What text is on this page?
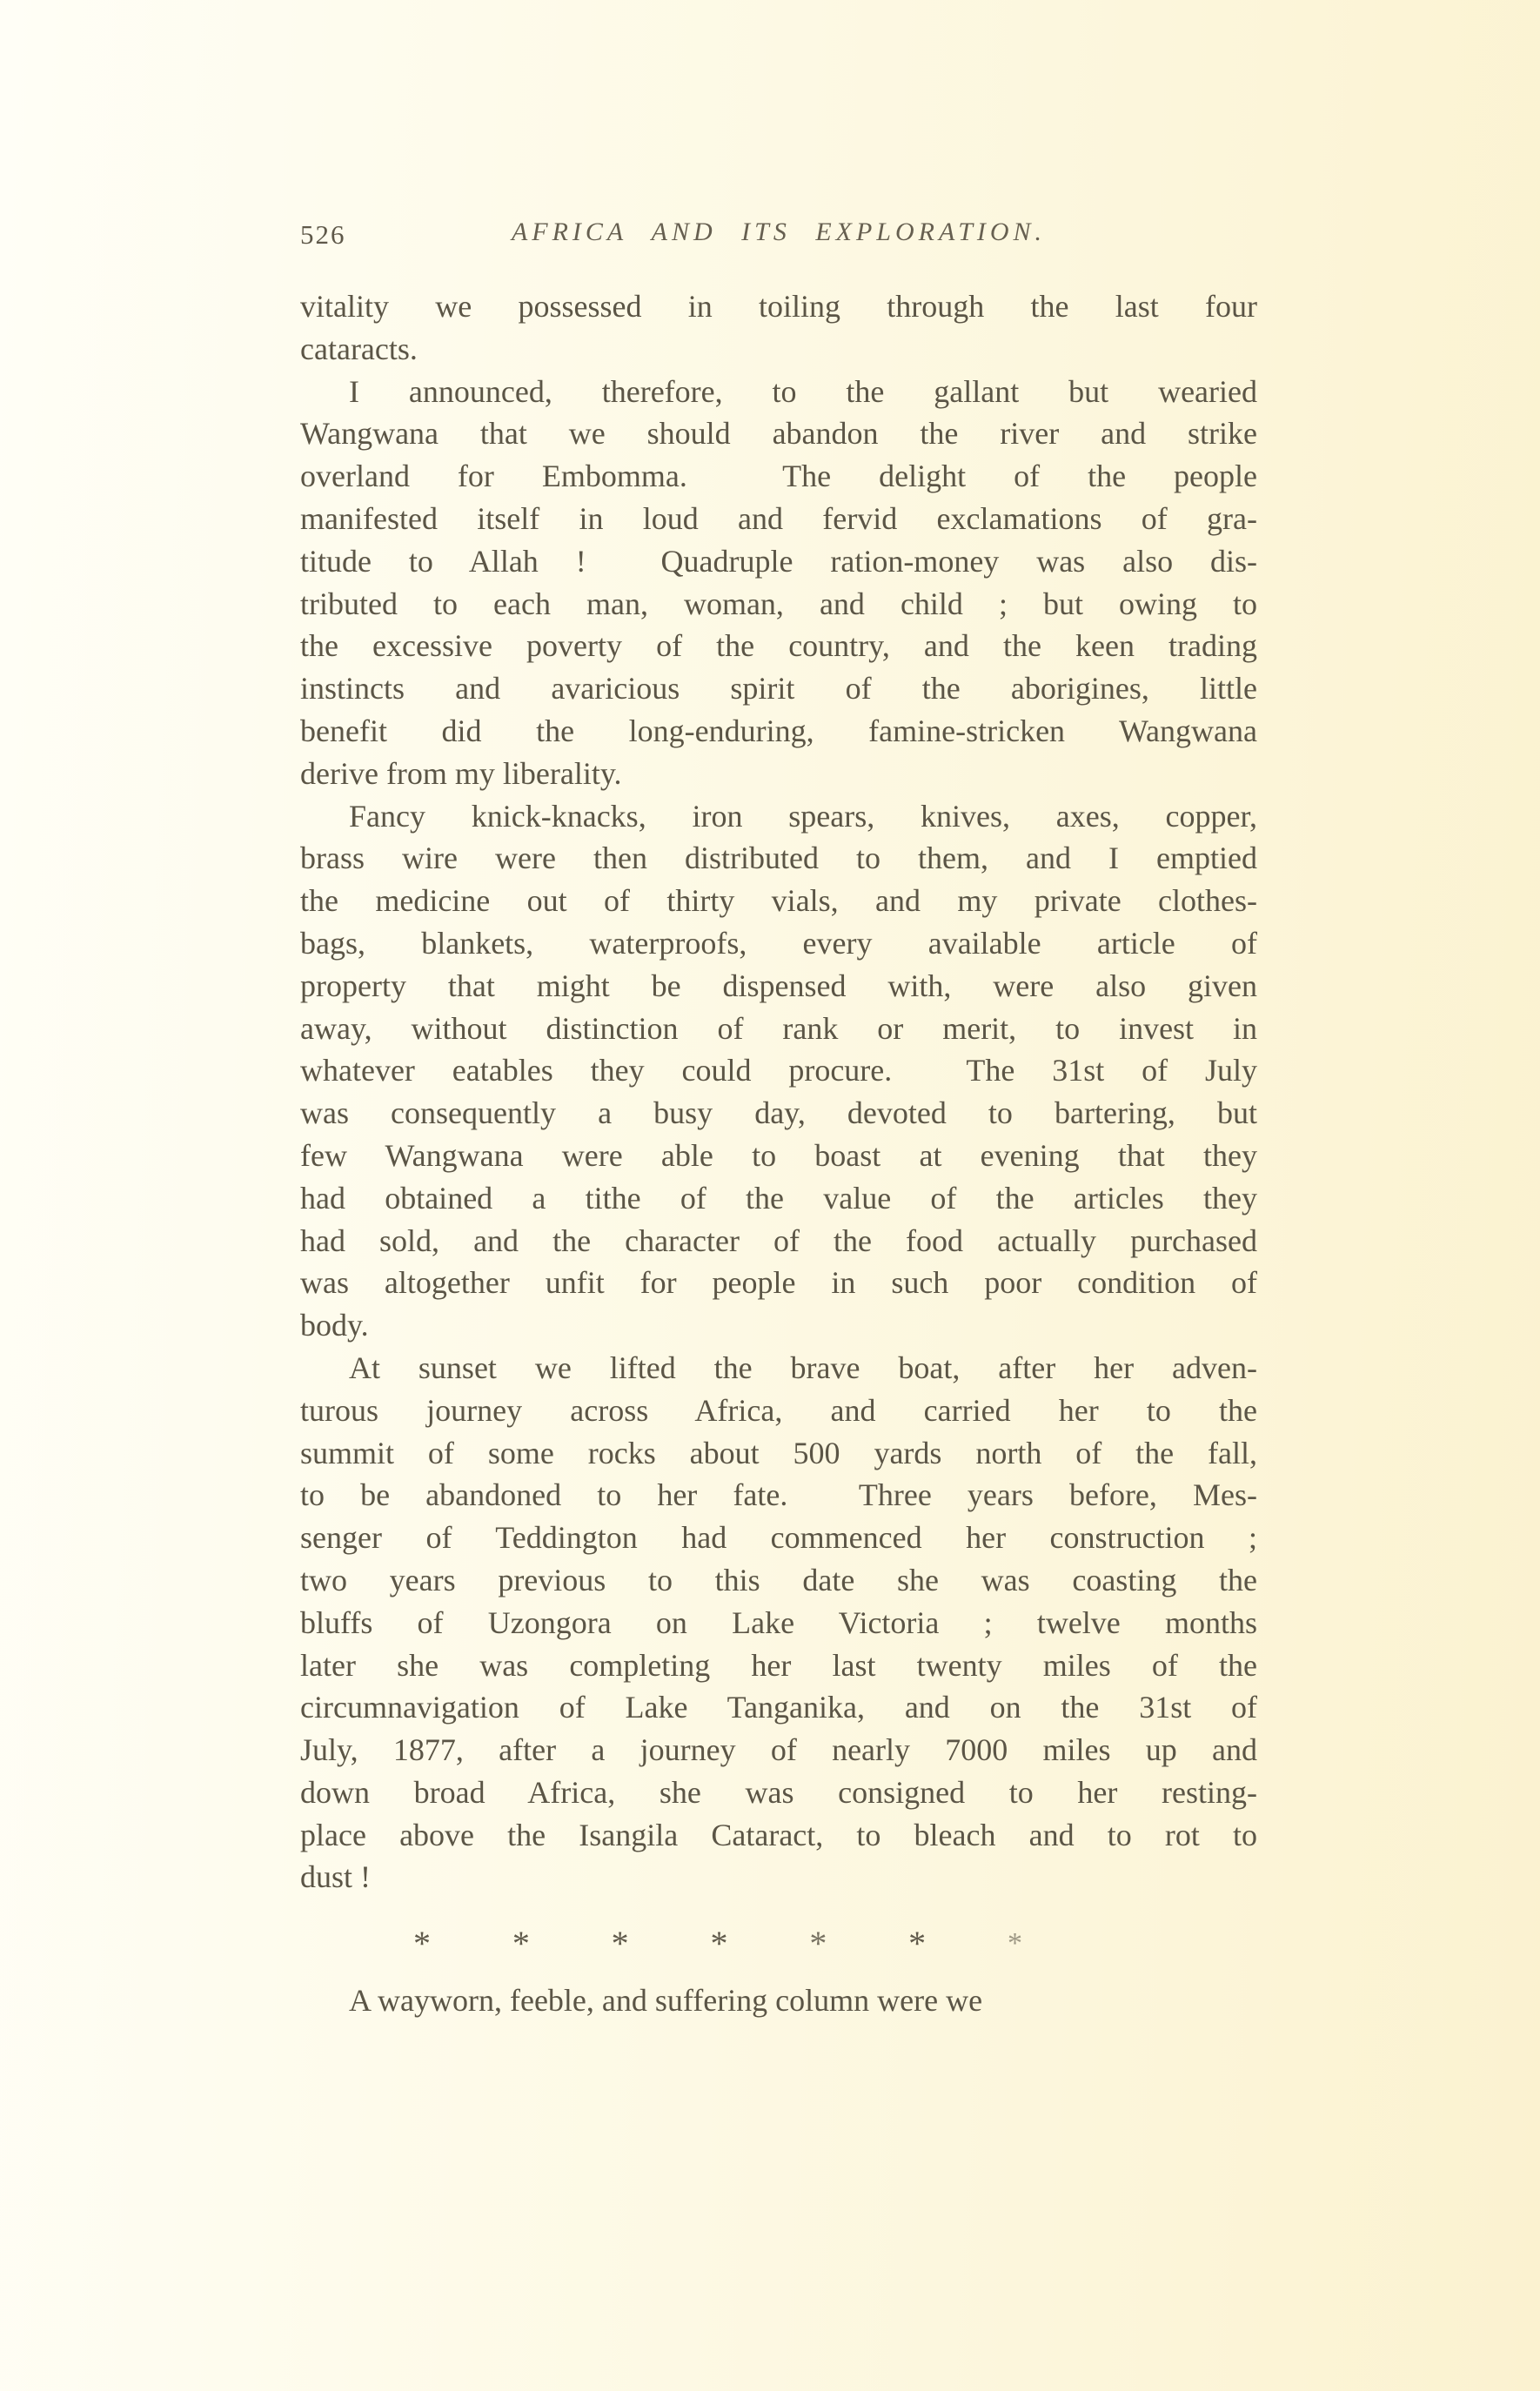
526	AFRICA AND ITS EXPLORATION.
vitality we possessed in toiling through the last four
cataracts.
I announced, therefore, to the gallant but wearied
Wangwana that we should abandon the river and strike
overland for Embomma.  The delight of the people
manifested itself in loud and fervid exclamations of gra-
titude to Allah !  Quadruple ration-money was also dis-
tributed to each man, woman, and child ; but owing to
the excessive poverty of the country, and the keen trading
instincts and avaricious spirit of the aborigines, little
benefit did the long-enduring, famine-stricken Wangwana
derive from my liberality.
Fancy knick-knacks, iron spears, knives, axes, copper,
brass wire were then distributed to them, and I emptied
the medicine out of thirty vials, and my private clothes-
bags, blankets, waterproofs, every available article of
property that might be dispensed with, were also given
away, without distinction of rank or merit, to invest in
whatever eatables they could procure.  The 31st of July
was consequently a busy day, devoted to bartering, but
few Wangwana were able to boast at evening that they
had obtained a tithe of the value of the articles they
had sold, and the character of the food actually purchased
was altogether unfit for people in such poor condition of
body.
At sunset we lifted the brave boat, after her adven-
turous journey across Africa, and carried her to the
summit of some rocks about 500 yards north of the fall,
to be abandoned to her fate.  Three years before, Mes-
senger of Teddington had commenced her construction ;
two years previous to this date she was coasting the
bluffs of Uzongora on Lake Victoria ; twelve months
later she was completing her last twenty miles of the
circumnavigation of Lake Tanganika, and on the 31st of
July, 1877, after a journey of nearly 7000 miles up and
down broad Africa, she was consigned to her resting-
place above the Isangila Cataract, to bleach and to rot to
dust !
* * * * * *	*
A wayworn, feeble, and suffering column were we
